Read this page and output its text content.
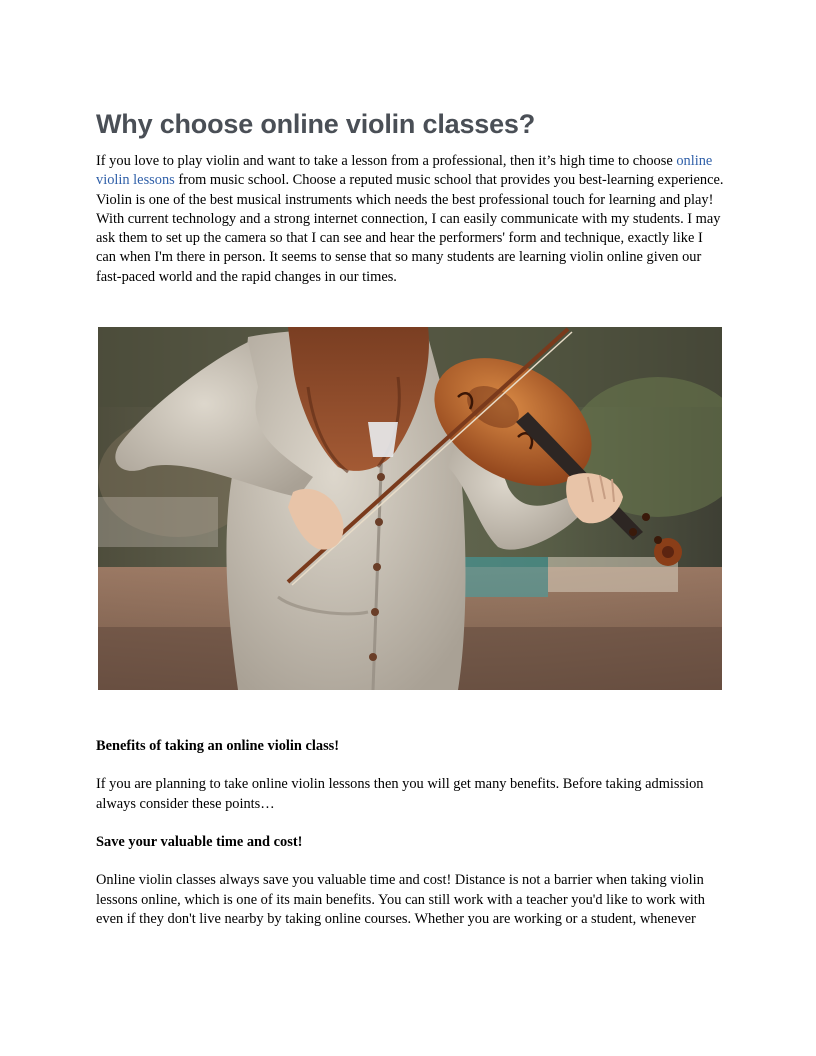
Why choose online violin classes?

If you love to play violin and want to take a lesson from a professional, then it’s high time to choose online violin lessons from music school. Choose a reputed music school that provides you best-learning experience. Violin is one of the best musical instruments which needs the best professional touch for learning and play! With current technology and a strong internet connection, I can easily communicate with my students. I may ask them to set up the camera so that I can see and hear the performers' form and technique, exactly like I can when I'm there in person. It seems to sense that so many students are learning violin online given our fast-paced world and the rapid changes in our times.

Benefits of taking an online violin class!

If you are planning to take online violin lessons then you will get many benefits. Before taking admission always consider these points…

Save your valuable time and cost!

Online violin classes always save you valuable time and cost! Distance is not a barrier when taking violin lessons online, which is one of its main benefits. You can still work with a teacher you'd like to work with even if they don't live nearby by taking online courses. Whether you are working or a student, whenever
